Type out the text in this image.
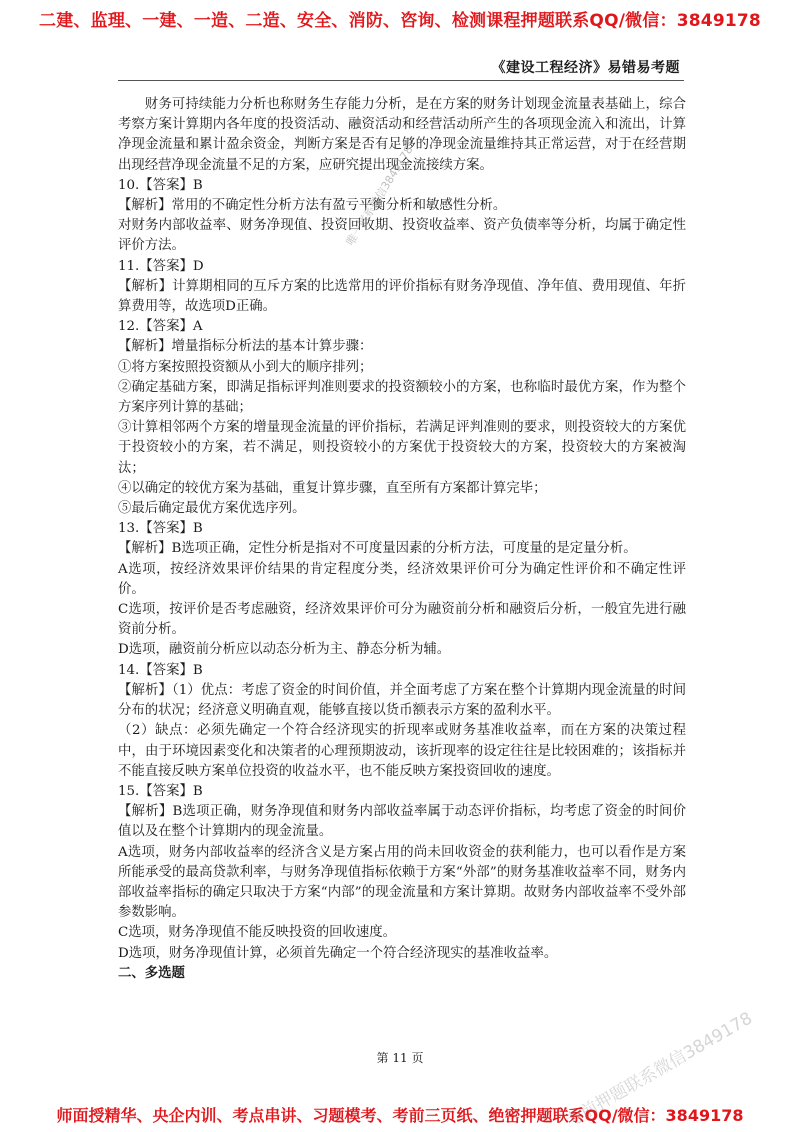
二建、监理、一建、一造、二造、安全、消防、咨询、检测课程押题联系QQ/微信：3849178
《建设工程经济》易错易考题

财务可持续能力分析也称财务生存能力分析，是在方案的财务计划现金流量表基础上，综合考察方案计算期内各年度的投资活动、融资活动和经营活动所产生的各项现金流入和流出，计算净现金流量和累计盈余资金，判断方案是否有足够的净现金流量维持其正常运营，对于在经营期出现经营净现金流量不足的方案，应研究提出现金流接续方案。

10.【答案】B

【解析】常用的不确定性分析方法有盈亏平衡分析和敏感性分析。

对财务内部收益率、财务净现值、投资回收期、投资收益率、资产负债率等分析，均属于确定性评价方法。

11.【答案】D

【解析】计算期相同的互斥方案的比选常用的评价指标有财务净现值、净年值、费用现值、年折算费用等，故选项D正确。

12.【答案】A

【解析】增量指标分析法的基本计算步骤：

①将方案按照投资额从小到大的顺序排列；

②确定基础方案，即满足指标评判准则要求的投资额较小的方案，也称临时最优方案，作为整个方案序列计算的基础；

③计算相邻两个方案的增量现金流量的评价指标，若满足评判准则的要求，则投资较大的方案优于投资较小的方案，若不满足，则投资较小的方案优于投资较大的方案，投资较大的方案被淘汰；

④以确定的较优方案为基础，重复计算步骤，直至所有方案都计算完毕；

⑤最后确定最优方案优选序列。

13.【答案】B

【解析】B选项正确，定性分析是指对不可度量因素的分析方法，可度量的是定量分析。

A选项，按经济效果评价结果的肯定程度分类，经济效果评价可分为确定性评价和不确定性评价。

C选项，按评价是否考虑融资，经济效果评价可分为融资前分析和融资后分析，一般宜先进行融资前分析。

D选项，融资前分析应以动态分析为主、静态分析为辅。

14.【答案】B

【解析】（1）优点：考虑了资金的时间价值，并全面考虑了方案在整个计算期内现金流量的时间分布的状况；经济意义明确直观，能够直接以货币额表示方案的盈利水平。

（2）缺点：必须先确定一个符合经济现实的折现率或财务基准收益率，而在方案的决策过程中，由于环境因素变化和决策者的心理预期波动，该折现率的设定往往是比较困难的；该指标并不能直接反映方案单位投资的收益水平，也不能反映方案投资回收的速度。

15.【答案】B

【解析】B选项正确，财务净现值和财务内部收益率属于动态评价指标，均考虑了资金的时间价值以及在整个计算期内的现金流量。

A选项，财务内部收益率的经济含义是方案占用的尚未回收资金的获利能力，也可以看作是方案所能承受的最高贷款利率，与财务净现值指标依赖于方案“外部”的财务基准收益率不同，财务内部收益率指标的确定只取决于方案“内部”的现金流量和方案计算期。故财务内部收益率不受外部参数影响。

C选项，财务净现值不能反映投资的回收速度。

D选项，财务净现值计算，必须首先确定一个符合经济现实的基准收益率。

二、多选题

第 11 页
师面授精华、央企内训、考点串讲、习题模考、考前三页纸、绝密押题联系QQ/微信：3849178
唯一联系微信3849178
考前押题联系微信3849178
